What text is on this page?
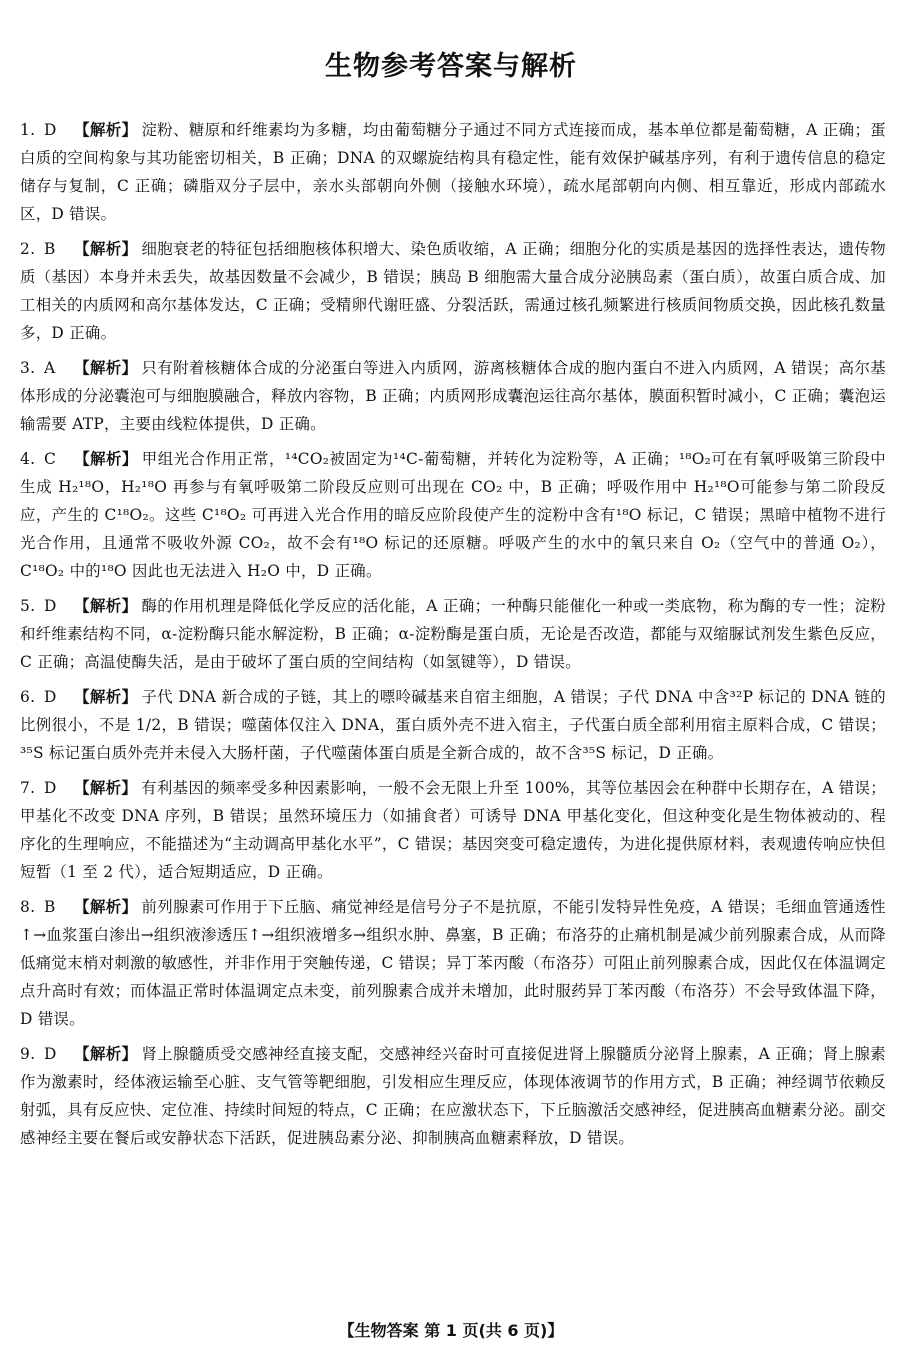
生物参考答案与解析
1. D 【解析】 淀粉、糖原和纤维素均为多糖，均由葡萄糖分子通过不同方式连接而成，基本单位都是葡萄糖，A 正确；蛋白质的空间构象与其功能密切相关，B 正确；DNA 的双螺旋结构具有稳定性，能有效保护碱基序列，有利于遗传信息的稳定储存与复制，C 正确；磷脂双分子层中，亲水头部朝向外侧（接触水环境），疏水尾部朝向内侧、相互靠近，形成内部疏水区，D 错误。
2. B 【解析】 细胞衰老的特征包括细胞核体积增大、染色质收缩，A 正确；细胞分化的实质是基因的选择性表达，遗传物质（基因）本身并未丢失，故基因数量不会减少，B 错误；胰岛 B 细胞需大量合成分泌胰岛素（蛋白质），故蛋白质合成、加工相关的内质网和高尔基体发达，C 正确；受精卵代谢旺盛、分裂活跃，需通过核孔频繁进行核质间物质交换，因此核孔数量多，D 正确。
3. A 【解析】 只有附着核糖体合成的分泌蛋白等进入内质网，游离核糖体合成的胞内蛋白不进入内质网，A 错误；高尔基体形成的分泌囊泡可与细胞膜融合，释放内容物，B 正确；内质网形成囊泡运往高尔基体，膜面积暂时减小，C 正确；囊泡运输需要 ATP，主要由线粒体提供，D 正确。
4. C 【解析】 甲组光合作用正常，¹⁴CO₂被固定为¹⁴C-葡萄糖，并转化为淀粉等，A 正确；¹⁸O₂可在有氧呼吸第三阶段中生成 H₂¹⁸O，H₂¹⁸O 再参与有氧呼吸第二阶段反应则可出现在 CO₂ 中，B 正确；呼吸作用中 H₂¹⁸O可能参与第二阶段反应，产生的 C¹⁸O₂。这些 C¹⁸O₂ 可再进入光合作用的暗反应阶段使产生的淀粉中含有¹⁸O 标记，C 错误；黑暗中植物不进行光合作用，且通常不吸收外源 CO₂，故不会有¹⁸O 标记的还原糖。呼吸产生的水中的氧只来自 O₂（空气中的普通 O₂），C¹⁸O₂ 中的¹⁸O 因此也无法进入 H₂O 中，D 正确。
5. D 【解析】 酶的作用机理是降低化学反应的活化能，A 正确；一种酶只能催化一种或一类底物，称为酶的专一性；淀粉和纤维素结构不同，α-淀粉酶只能水解淀粉，B 正确；α-淀粉酶是蛋白质，无论是否改造，都能与双缩脲试剂发生紫色反应，C 正确；高温使酶失活，是由于破坏了蛋白质的空间结构（如氢键等），D 错误。
6. D 【解析】 子代 DNA 新合成的子链，其上的嘌呤碱基来自宿主细胞，A 错误；子代 DNA 中含³²P 标记的 DNA 链的比例很小，不是 1/2，B 错误；噬菌体仅注入 DNA，蛋白质外壳不进入宿主，子代蛋白质全部利用宿主原料合成，C 错误；³⁵S 标记蛋白质外壳并未侵入大肠杆菌，子代噬菌体蛋白质是全新合成的，故不含³⁵S 标记，D 正确。
7. D 【解析】 有利基因的频率受多种因素影响，一般不会无限上升至 100%，其等位基因会在种群中长期存在，A 错误；甲基化不改变 DNA 序列，B 错误；虽然环境压力（如捕食者）可诱导 DNA 甲基化变化，但这种变化是生物体被动的、程序化的生理响应，不能描述为“主动调高甲基化水平”，C 错误；基因突变可稳定遗传，为进化提供原材料，表观遗传响应快但短暂（1 至 2 代），适合短期适应，D 正确。
8. B 【解析】 前列腺素可作用于下丘脑、痛觉神经是信号分子不是抗原，不能引发特异性免疫，A 错误；毛细血管通透性↑→血浆蛋白渗出→组织液渗透压↑→组织液增多→组织水肿、鼻塞，B 正确；布洛芬的止痛机制是减少前列腺素合成，从而降低痛觉末梢对刺激的敏感性，并非作用于突触传递，C 错误；异丁苯丙酸（布洛芬）可阻止前列腺素合成，因此仅在体温调定点升高时有效；而体温正常时体温调定点未变，前列腺素合成并未增加，此时服药异丁苯丙酸（布洛芬）不会导致体温下降，D 错误。
9. D 【解析】 肾上腺髓质受交感神经直接支配，交感神经兴奋时可直接促进肾上腺髓质分泌肾上腺素，A 正确；肾上腺素作为激素时，经体液运输至心脏、支气管等靶细胞，引发相应生理反应，体现体液调节的作用方式，B 正确；神经调节依赖反射弧，具有反应快、定位准、持续时间短的特点，C 正确；在应激状态下，下丘脑激活交感神经，促进胰高血糖素分泌。副交感神经主要在餐后或安静状态下活跃，促进胰岛素分泌、抑制胰高血糖素释放，D 错误。
【生物答案 第 1 页(共 6 页)】
